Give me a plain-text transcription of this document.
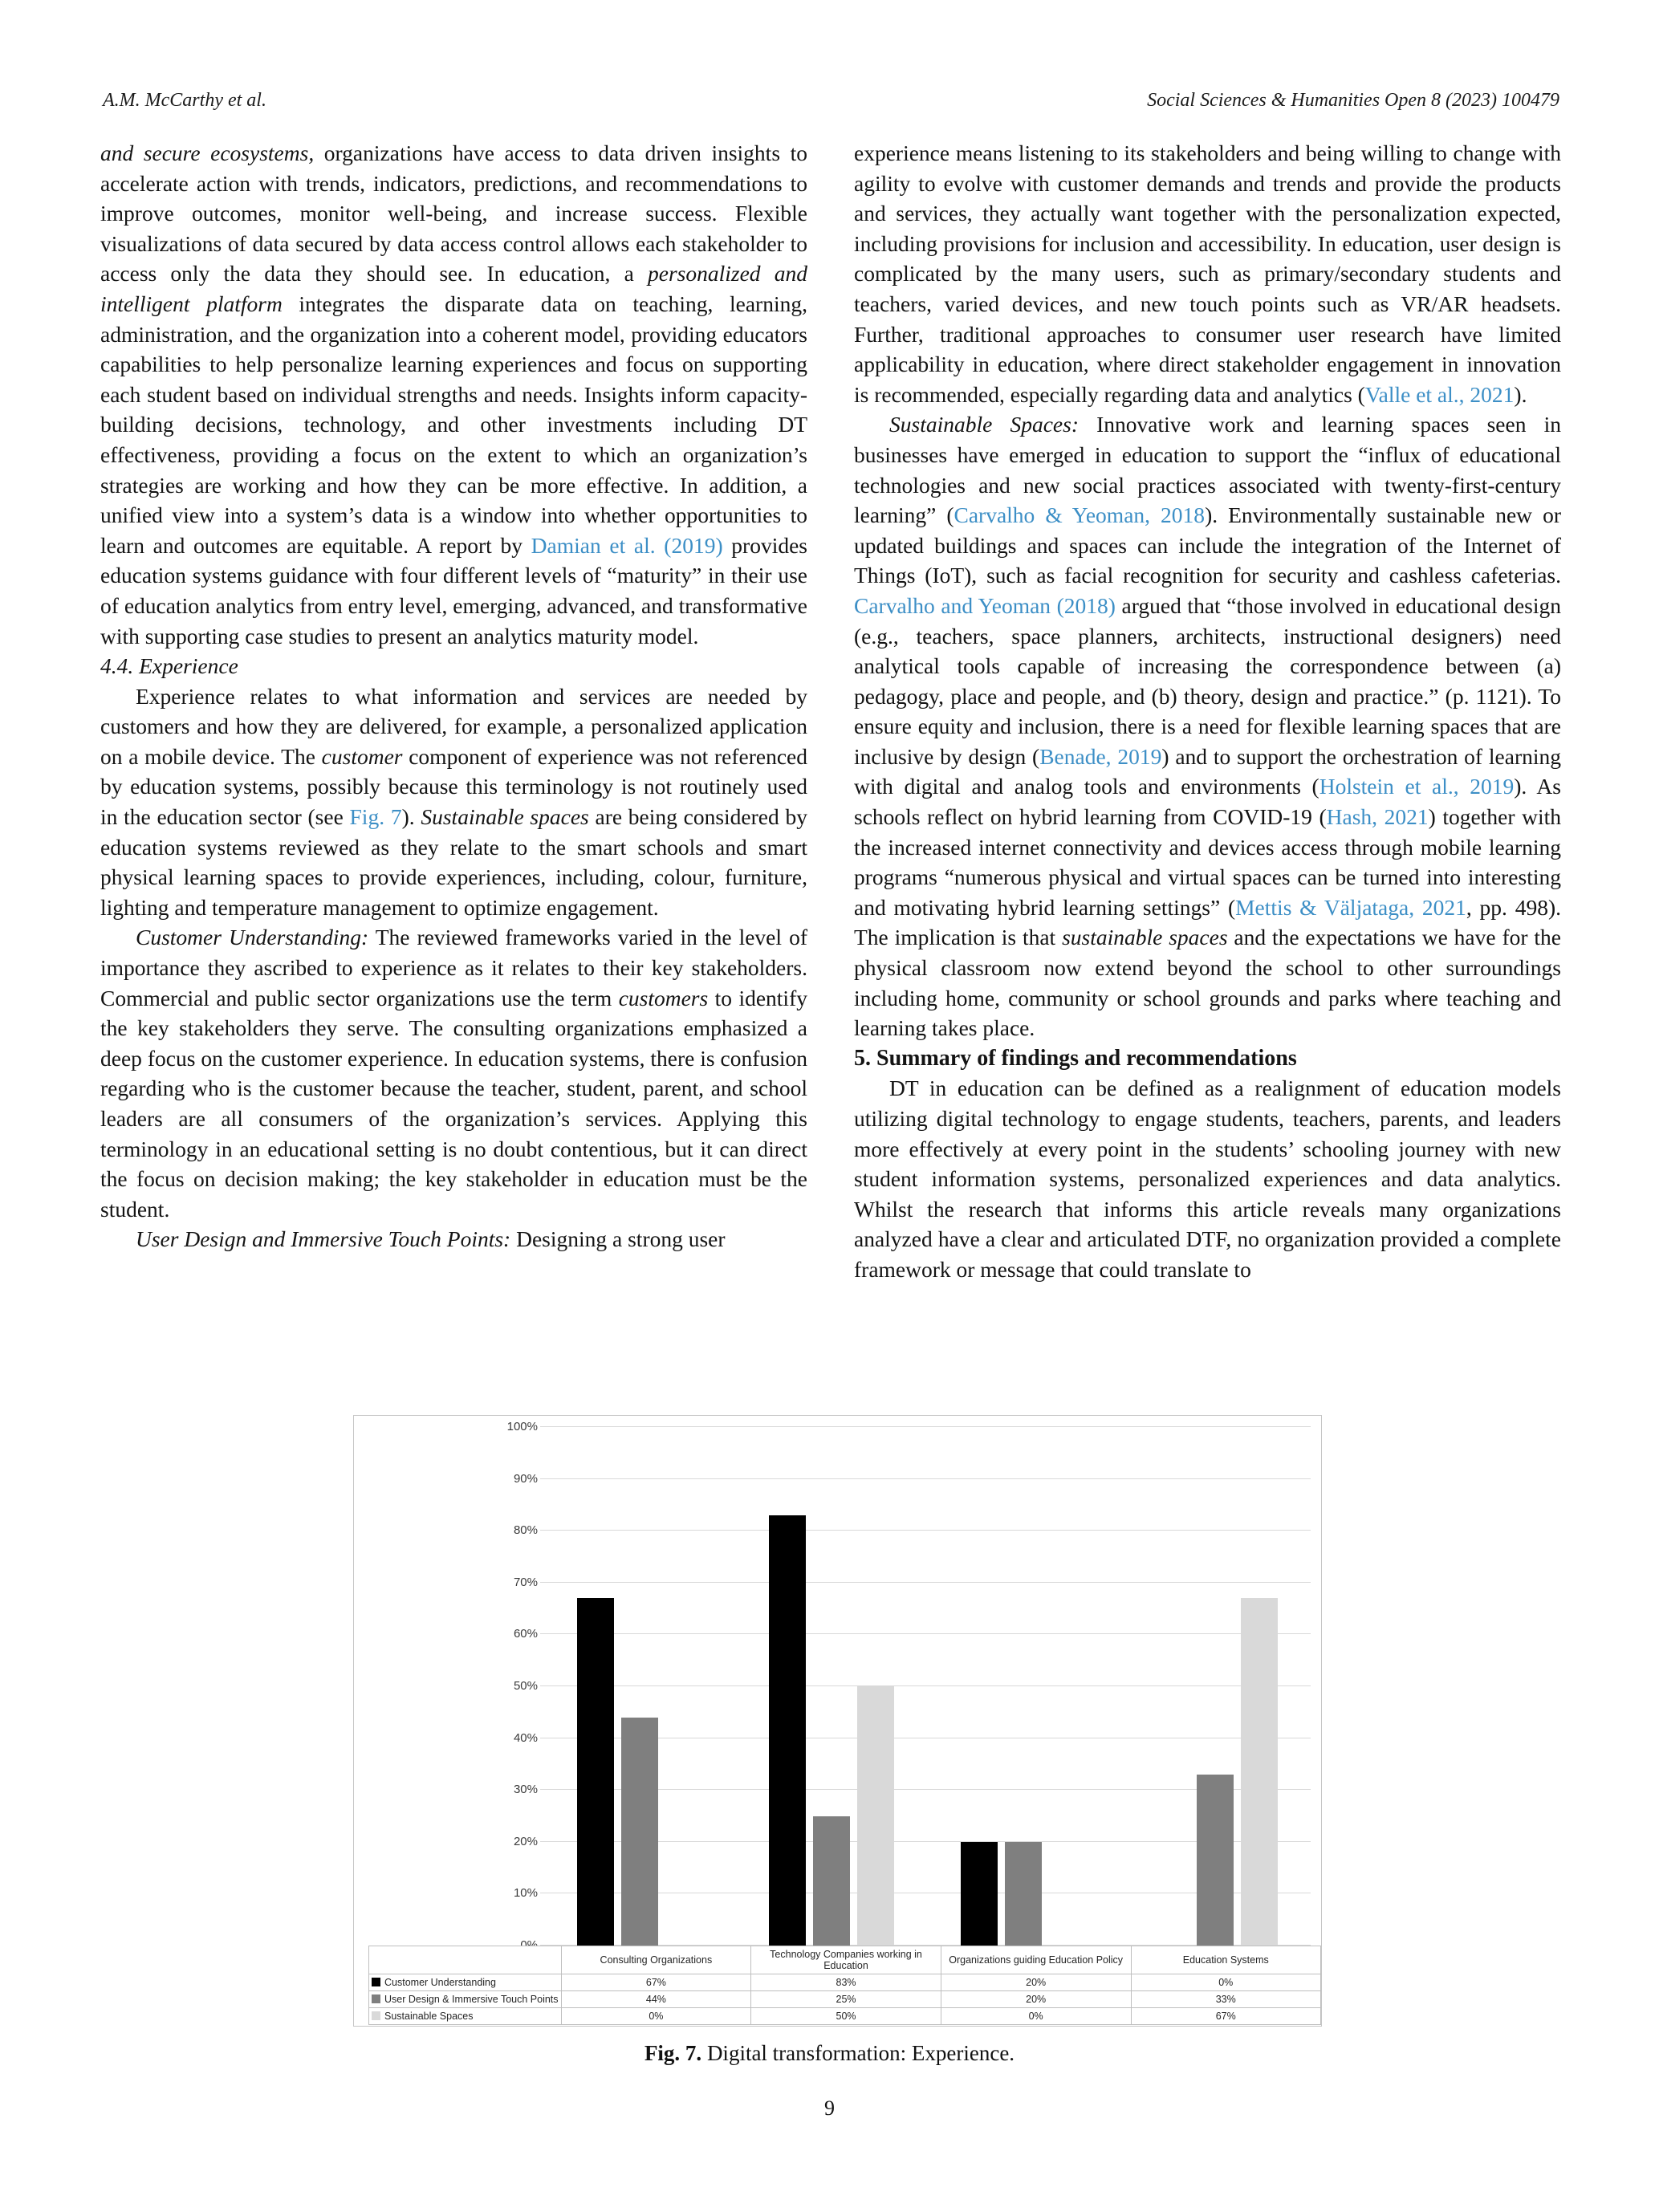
A.M. McCarthy et al.	Social Sciences & Humanities Open 8 (2023) 100479

and secure ecosystems, organizations have access to data driven insights to accelerate action with trends, indicators, predictions, and recommendations to improve outcomes, monitor well-being, and increase success. Flexible visualizations of data secured by data access control allows each stakeholder to access only the data they should see. In education, a personalized and intelligent platform integrates the disparate data on teaching, learning, administration, and the organization into a coherent model, providing educators capabilities to help personalize learning experiences and focus on supporting each student based on individual strengths and needs. Insights inform capacity-building decisions, technology, and other investments including DT effectiveness, providing a focus on the extent to which an organization’s strategies are working and how they can be more effective. In addition, a unified view into a system’s data is a window into whether opportunities to learn and outcomes are equitable. A report by Damian et al. (2019) provides education systems guidance with four different levels of “maturity” in their use of education analytics from entry level, emerging, advanced, and transformative with supporting case studies to present an analytics maturity model.

4.4. Experience

Experience relates to what information and services are needed by customers and how they are delivered, for example, a personalized application on a mobile device. The customer component of experience was not referenced by education systems, possibly because this terminology is not routinely used in the education sector (see Fig. 7). Sustainable spaces are being considered by education systems reviewed as they relate to the smart schools and smart physical learning spaces to provide experiences, including, colour, furniture, lighting and temperature management to optimize engagement.

Customer Understanding: The reviewed frameworks varied in the level of importance they ascribed to experience as it relates to their key stakeholders. Commercial and public sector organizations use the term customers to identify the key stakeholders they serve. The consulting organizations emphasized a deep focus on the customer experience. In education systems, there is confusion regarding who is the customer because the teacher, student, parent, and school leaders are all consumers of the organization’s services. Applying this terminology in an educational setting is no doubt contentious, but it can direct the focus on decision making; the key stakeholder in education must be the student.

User Design and Immersive Touch Points: Designing a strong user

experience means listening to its stakeholders and being willing to change with agility to evolve with customer demands and trends and provide the products and services, they actually want together with the personalization expected, including provisions for inclusion and accessibility. In education, user design is complicated by the many users, such as primary/secondary students and teachers, varied devices, and new touch points such as VR/AR headsets. Further, traditional approaches to consumer user research have limited applicability in education, where direct stakeholder engagement in innovation is recommended, especially regarding data and analytics (Valle et al., 2021).

Sustainable Spaces: Innovative work and learning spaces seen in businesses have emerged in education to support the “influx of educational technologies and new social practices associated with twenty-first-century learning” (Carvalho & Yeoman, 2018). Environmentally sustainable new or updated buildings and spaces can include the integration of the Internet of Things (IoT), such as facial recognition for security and cashless cafeterias. Carvalho and Yeoman (2018) argued that “those involved in educational design (e.g., teachers, space planners, architects, instructional designers) need analytical tools capable of increasing the correspondence between (a) pedagogy, place and people, and (b) theory, design and practice.” (p. 1121). To ensure equity and inclusion, there is a need for flexible learning spaces that are inclusive by design (Benade, 2019) and to support the orchestration of learning with digital and analog tools and environments (Holstein et al., 2019). As schools reflect on hybrid learning from COVID-19 (Hash, 2021) together with the increased internet connectivity and devices access through mobile learning programs “numerous physical and virtual spaces can be turned into interesting and motivating hybrid learning settings” (Mettis & Väljataga, 2021, pp. 498). The implication is that sustainable spaces and the expectations we have for the physical classroom now extend beyond the school to other surroundings including home, community or school grounds and parks where teaching and learning takes place.

5. Summary of findings and recommendations

DT in education can be defined as a realignment of education models utilizing digital technology to engage students, teachers, parents, and leaders more effectively at every point in the students’ schooling journey with new student information systems, personalized experiences and data analytics. Whilst the research that informs this article reveals many organizations analyzed have a clear and articulated DTF, no organization provided a complete framework or message that could translate to

10%
20%
30%
40%
50%
60%
70%
80%
90%
100%
	Consulting Organizations	Technology Companies working in Education	Organizations guiding Education Policy	Education Systems
Customer Understanding	67%	83%	20%	0%
User Design & Immersive Touch Points	44%	25%	20%	33%
Sustainable Spaces	0%	50%	0%	67%
Fig. 7. Digital transformation: Experience.
9
